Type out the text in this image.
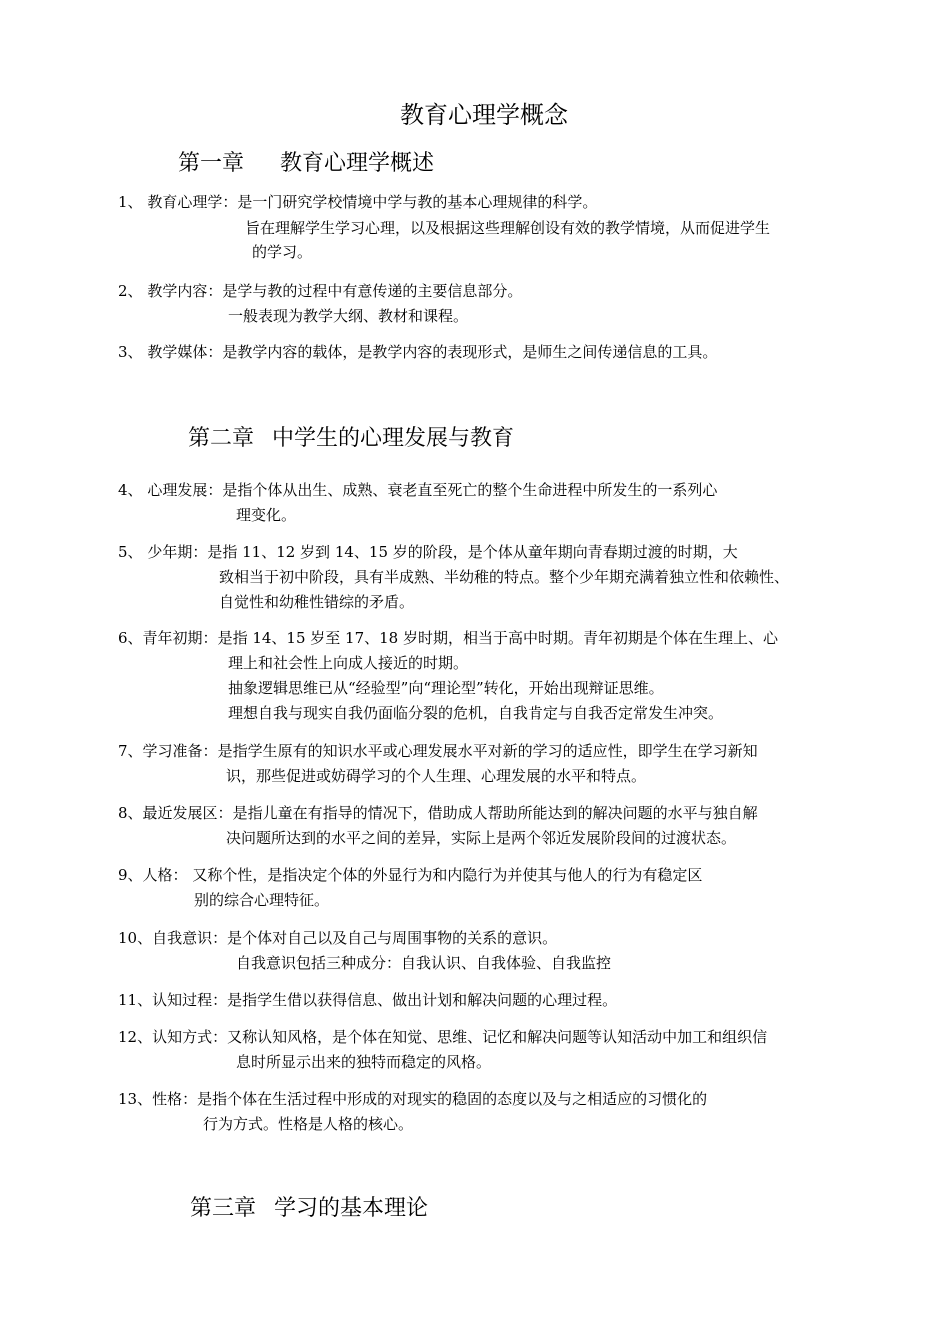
教育心理学概念
第一章 教育心理学概述
1、 教育心理学：是一门研究学校情境中学与教的基本心理规律的科学。
旨在理解学生学习心理，以及根据这些理解创设有效的教学情境，从而促进学生
的学习。
2、 教学内容：是学与教的过程中有意传递的主要信息部分。
一般表现为教学大纲、教材和课程。
3、 教学媒体：是教学内容的载体，是教学内容的表现形式，是师生之间传递信息的工具。
第二章 中学生的心理发展与教育
4、 心理发展：是指个体从出生、成熟、衰老直至死亡的整个生命进程中所发生的一系列心
理变化。
5、 少年期：是指 11、12 岁到 14、15 岁的阶段，是个体从童年期向青春期过渡的时期，大
致相当于初中阶段，具有半成熟、半幼稚的特点。整个少年期充满着独立性和依赖性、
自觉性和幼稚性错综的矛盾。
6、青年初期：是指 14、15 岁至 17、18 岁时期，相当于高中时期。青年初期是个体在生理上、心
理上和社会性上向成人接近的时期。
抽象逻辑思维已从“经验型”向“理论型”转化，开始出现辩证思维。
理想自我与现实自我仍面临分裂的危机，自我肯定与自我否定常发生冲突。
7、学习准备：是指学生原有的知识水平或心理发展水平对新的学习的适应性，即学生在学习新知
识，那些促进或妨碍学习的个人生理、心理发展的水平和特点。
8、最近发展区：是指儿童在有指导的情况下，借助成人帮助所能达到的解决问题的水平与独自解
决问题所达到的水平之间的差异，实际上是两个邻近发展阶段间的过渡状态。
9、人格： 又称个性，是指决定个体的外显行为和内隐行为并使其与他人的行为有稳定区
别的综合心理特征。
10、自我意识：是个体对自己以及自己与周围事物的关系的意识。
自我意识包括三种成分：自我认识、自我体验、自我监控
11、认知过程：是指学生借以获得信息、做出计划和解决问题的心理过程。
12、认知方式：又称认知风格，是个体在知觉、思维、记忆和解决问题等认知活动中加工和组织信
息时所显示出来的独特而稳定的风格。
13、性格：是指个体在生活过程中形成的对现实的稳固的态度以及与之相适应的习惯化的
行为方式。性格是人格的核心。
第三章 学习的基本理论
